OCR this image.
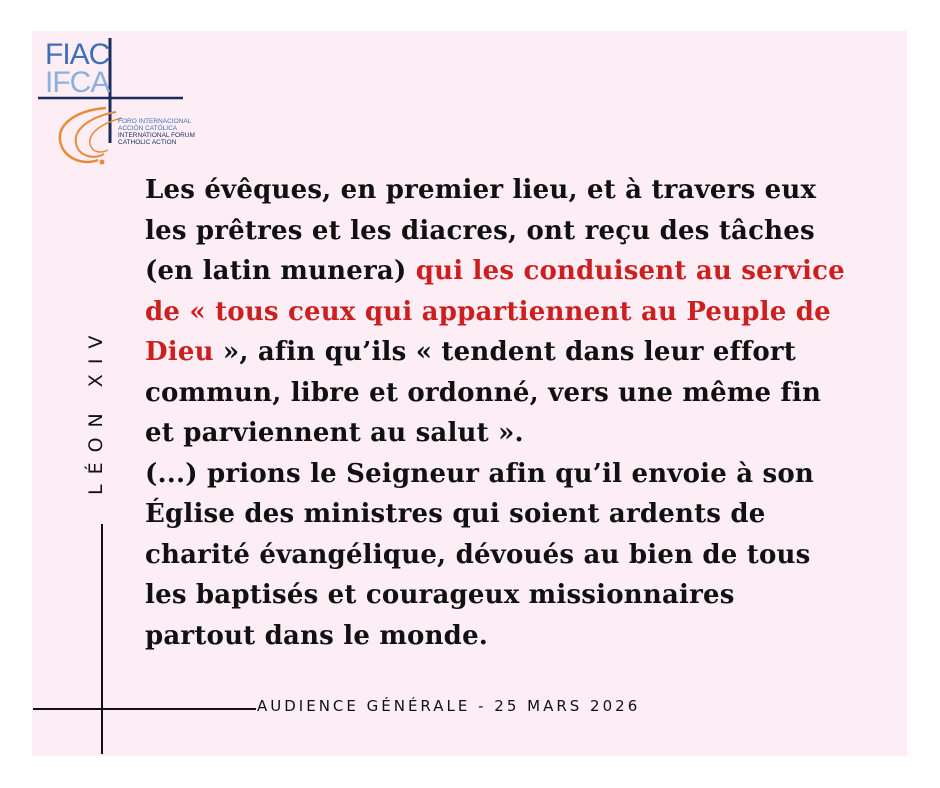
FIAC
IFCA
FORO INTERNACIONAL
ACCIÓN CATÓLICA
INTERNATIONAL FORUM
CATHOLIC ACTION
Les évêques, en premier lieu, et à travers eux
les prêtres et les diacres, ont reçu des tâches
(en latin munera) qui les conduisent au service
de « tous ceux qui appartiennent au Peuple de
Dieu », afin qu’ils « tendent dans leur effort
commun, libre et ordonné, vers une même fin
et parviennent au salut ».
(...) prions le Seigneur afin qu’il envoie à son
Église des ministres qui soient ardents de
charité évangélique, dévoués au bien de tous
les baptisés et courageux missionnaires
partout dans le monde.
LÉON XIV
AUDIENCE GÉNÉRALE - 25 MARS 2026
